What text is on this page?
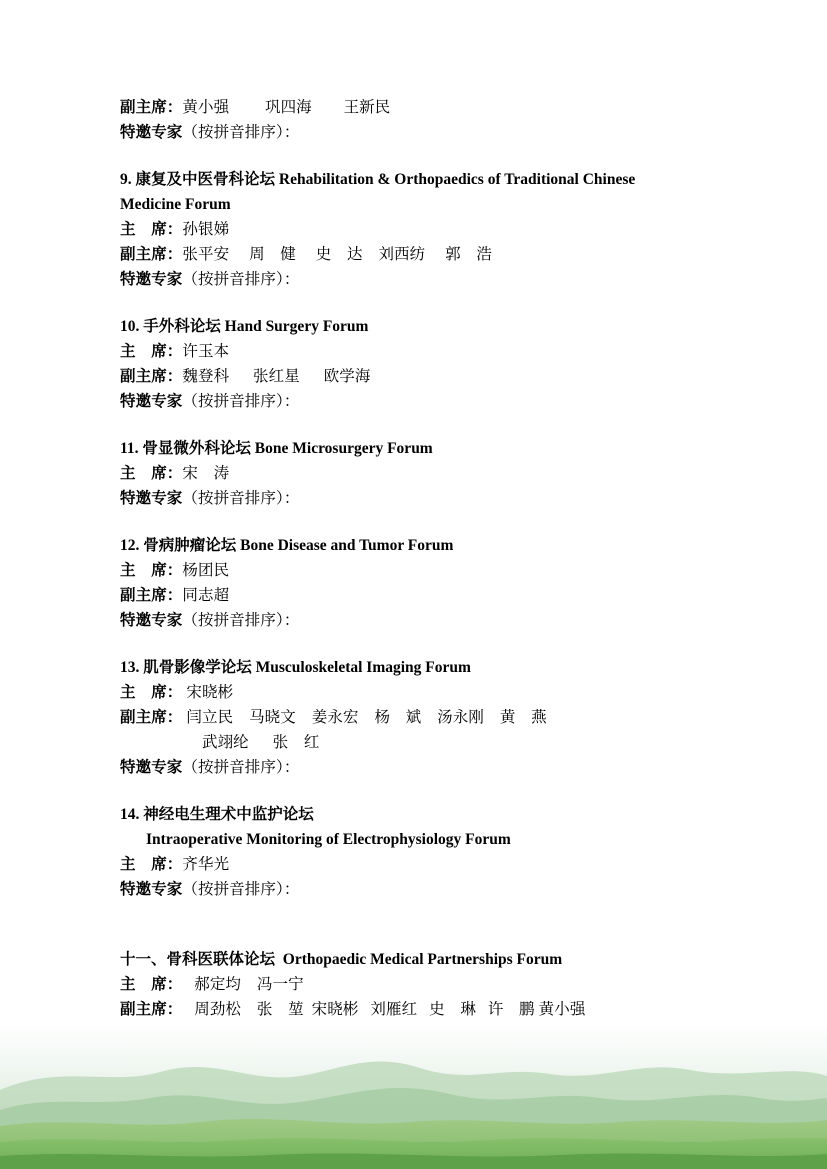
副主席：黄小强         巩四海        王新民
特邀专家（按拼音排序）：
9. 康复及中医骨科论坛 Rehabilitation & Orthopaedics of Traditional Chinese
Medicine Forum
主　席：孙银娣
副主席：张平安     周　健     史　达    刘西纺     郭　浩
特邀专家（按拼音排序）：
10. 手外科论坛 Hand Surgery Forum
主　席：许玉本
副主席：魏登科      张红星      欧学海
特邀专家（按拼音排序）：
11. 骨显微外科论坛 Bone Microsurgery Forum
主　席：宋　涛
特邀专家（按拼音排序）：
12. 骨病肿瘤论坛 Bone Disease and Tumor Forum
主　席：杨团民
副主席：同志超
特邀专家（按拼音排序）：
13. 肌骨影像学论坛 Musculoskeletal Imaging Forum
主　席： 宋晓彬
副主席： 闫立民    马晓文    姜永宏    杨　斌    汤永刚    黄　燕
　　　　　 武翊纶      张　红
特邀专家（按拼音排序）：
14. 神经电生理术中监护论坛
Intraoperative Monitoring of Electrophysiology Forum
主　席：齐华光
特邀专家（按拼音排序）：
十一、骨科医联体论坛 Orthopaedic Medical Partnerships Forum
主　席：　 郝定均    冯一宁
副主席：　 周劲松    张　堃  宋晓彬   刘雁红   史　琳   许　鹏 黄小强
